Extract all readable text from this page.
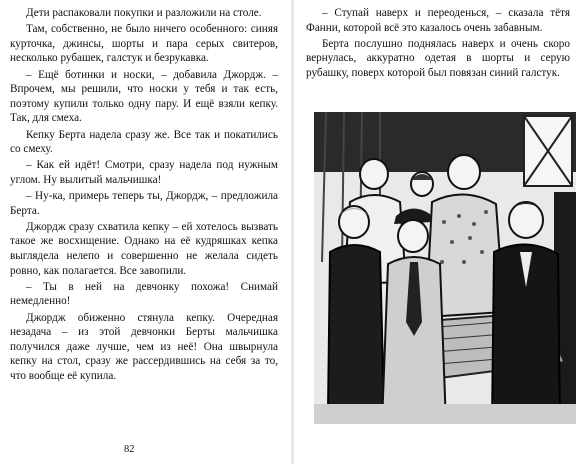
Дети распаковали покупки и разложили на столе.

Там, собственно, не было ничего особенного: синяя курточка, джинсы, шорты и пара серых свитеров, несколько рубашек, галстук и безрукавка.

– Ещё ботинки и носки, – добавила Джордж. – Впрочем, мы решили, что носки у тебя и так есть, поэтому купили только одну пару. И ещё взяли кепку. Так, для смеха.

Кепку Берта надела сразу же. Все так и покатились со смеху.

– Как ей идёт! Смотри, сразу надела под нужным углом. Ну вылитый мальчишка!

– Ну-ка, примерь теперь ты, Джордж, – предложила Берта.

Джордж сразу схватила кепку – ей хотелось вызвать такое же восхищение. Однако на её кудряшках кепка выглядела нелепо и совершенно не желала сидеть ровно, как полагается. Все завопили.

– Ты в ней на девчонку похожа! Снимай немедленно!

Джордж обиженно стянула кепку. Очередная незадача – из этой девчонки Берты мальчишка получился даже лучше, чем из неё! Она швырнула кепку на стол, сразу же рассердившись на себя за то, что вообще её купила.

82

– Ступай наверх и переоденься, – сказала тётя Фанни, которой всё это казалось очень забавным.

Берта послушно поднялась наверх и очень скоро вернулась, аккуратно одетая в шорты и серую рубашку, поверх которой был повязан синий галстук.
